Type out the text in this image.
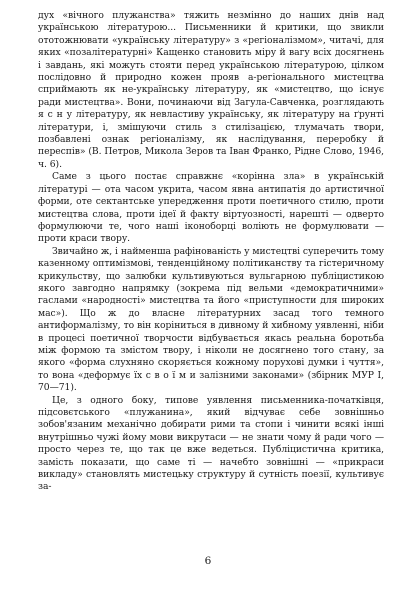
дух «вічного плужанства» тяжить незмінно до наших днів над українською літературою... Письменники й критики, що звикли ототожнювати «українську літературу» з «регіоналізмом», читачі, для яких «позалітературні» Кащенко становить міру й вагу всіх досягнень і завдань, які можуть стояти перед українською літературою, цілком послідовно й природно кожен прояв а-регіонального мистецтва сприймають як не-українську літературу, як «мистецтво, що існує ради мистецтва». Вони, починаючи від Загула-Савченка, розглядають я с н у літературу, як невластиву українську, як літературу на ґрунті літератури, і, змішуючи стиль з стилізацією, тлумачать твори, позбавлені ознак регіоналізму, як наслідування, переробку й переспів» (В. Петров, Микола Зеров та Іван Франко, Рідне Слово, 1946, ч. 6).

Саме з цього постає справжнє «корінна зла» в українській літературі — ота часом укрита, часом явна антипатія до артистичної форми, оте сектантське упередження проти поетичного стилю, проти мистецтва слова, проти ідеї й факту віртуозності, нарешті — одверто формулюючи те, чого наші іконоборці воліють не формулювати — проти краси твору.

Звичайно ж, і найменша рафінованість у мистецтві суперечить тому казенному оптимізмові, тенденційному політиканству та гістеричному крикульству, що залюбки культивуються вульгарною публіцистикою якого завгодно напрямку (зокрема під вельми «демократичними» гаслами «народності» мистецтва та його «приступности для широких мас»). Що ж до власне літературних засад того темного антиформалізму, то він коріниться в дивному й хибному уявленні, ніби в процесі поетичної творчости відбувається якась реальна боротьба між формою та змістом твору, і ніколи не досягнено того стану, за якого «форма слухняно скоряється кожному порухові думки і чуття», то вона «деформує їх с в о ї м и залізними законами» (збірник МУР І, 70—71).

Це, з одного боку, типове уявлення письменника-початківця, підсовєтського «плужанина», який відчуває себе зовнішньо зобов'язаним механічно добирати рими та стопи і чинити всякі інші внутрішньо чужі йому мови викрутаси — не знати чому й ради чого — просто через те, що так це вже ведеться. Публіцистична критика, замість показати, що саме ті — начебто зовнішні — «прикраси викладу» становлять мистецьку структуру й сутність поезії, культивує за-

6
